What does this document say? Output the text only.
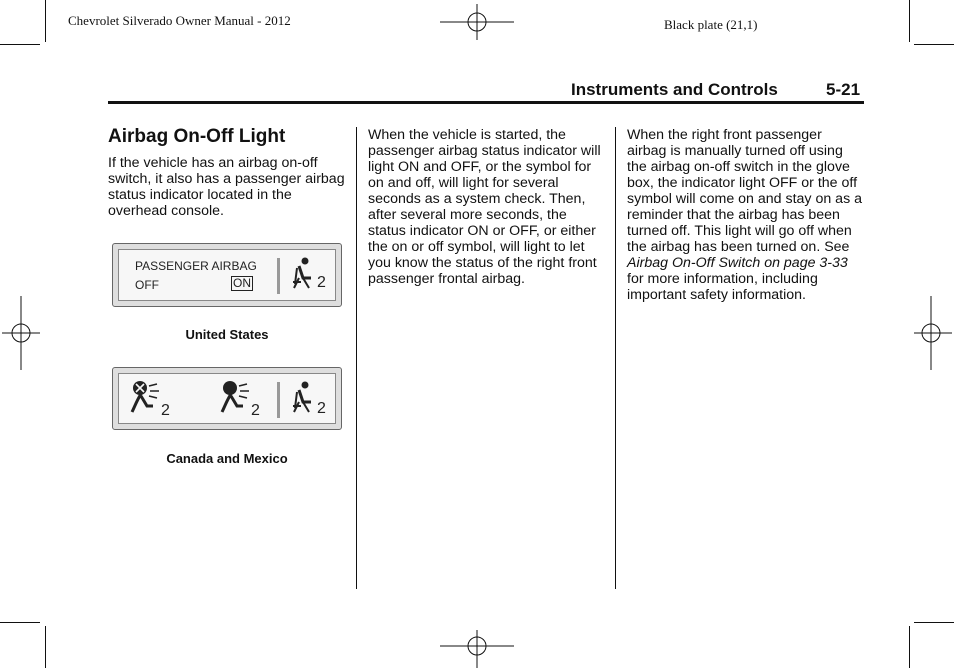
Chevrolet Silverado Owner Manual - 2012	Black plate (21,1)
Instruments and Controls	5-21
Airbag On-Off Light
If the vehicle has an airbag on-off switch, it also has a passenger airbag status indicator located in the overhead console.
PASSENGER AIRBAG
OFF	ON	2
United States
2	2	2
Canada and Mexico
When the vehicle is started, the passenger airbag status indicator will light ON and OFF, or the symbol for on and off, will light for several seconds as a system check. Then, after several more seconds, the status indicator ON or OFF, or either the on or off symbol, will light to let you know the status of the right front passenger frontal airbag.
When the right front passenger airbag is manually turned off using the airbag on-off switch in the glove box, the indicator light OFF or the off symbol will come on and stay on as a reminder that the airbag has been turned off. This light will go off when the airbag has been turned on. See Airbag On-Off Switch on page 3-33 for more information, including important safety information.
